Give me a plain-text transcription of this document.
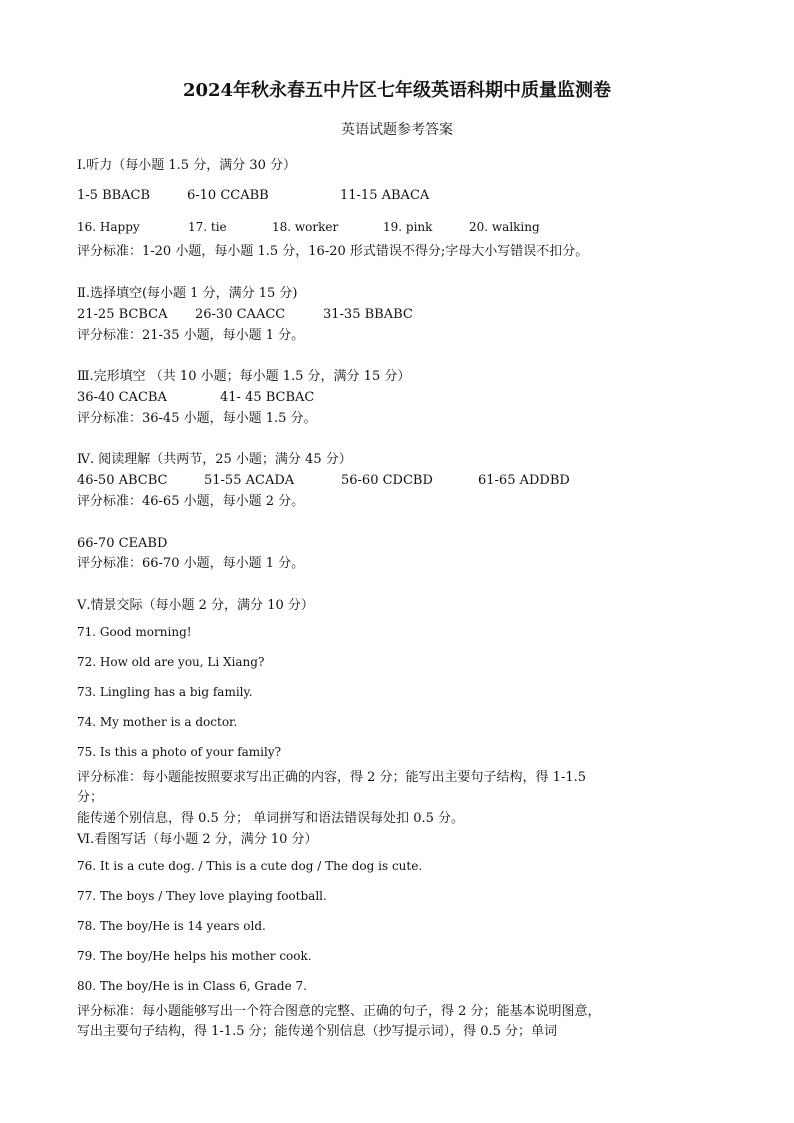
2024年秋永春五中片区七年级英语科期中质量监测卷
英语试题参考答案
Ⅰ.听力（每小题 1.5 分，满分 30 分）
1-5 BBACB	6-10 CCABB	11-15 ABACA
16. Happy	17. tie	18. worker	19. pink	20. walking
评分标准：1-20 小题，每小题 1.5 分，16-20 形式错误不得分;字母大小写错误不扣分。
Ⅱ.选择填空(每小题 1 分，满分 15 分)
21-25 BCBCA 26-30 CAACC	31-35 BBABC
评分标准：21-35 小题，每小题 1 分。
Ⅲ.完形填空 （共 10 小题；每小题 1.5 分，满分 15 分）
36-40 CACBA	41- 45 BCBAC
评分标准：36-45 小题，每小题 1.5 分。
Ⅳ. 阅读理解（共两节，25 小题；满分 45 分）
46-50 ABCBC	51-55 ACADA	56-60 CDCBD	61-65 ADDBD
评分标准：46-65 小题，每小题 2 分。
66-70 CEABD
评分标准：66-70 小题，每小题 1 分。
Ⅴ.情景交际（每小题 2 分，满分 10 分）
71. Good morning!
72. How old are you, Li Xiang?
73. Lingling has a big family.
74. My mother is a doctor.
75. Is this a photo of your family?
评分标准：每小题能按照要求写出正确的内容，得 2 分；能写出主要句子结构，得 1-1.5
分；
能传递个别信息，得 0.5 分； 单词拼写和语法错误每处扣 0.5 分。
Ⅵ.看图写话（每小题 2 分，满分 10 分）
76. It is a cute dog. / This is a cute dog / The dog is cute.
77. The boys / They love playing football.
78. The boy/He is 14 years old.
79. The boy/He helps his mother cook.
80. The boy/He is in Class 6, Grade 7.
评分标准：每小题能够写出一个符合图意的完整、正确的句子，得 2 分；能基本说明图意，
写出主要句子结构，得 1-1.5 分；能传递个别信息（抄写提示词），得 0.5 分；单词
